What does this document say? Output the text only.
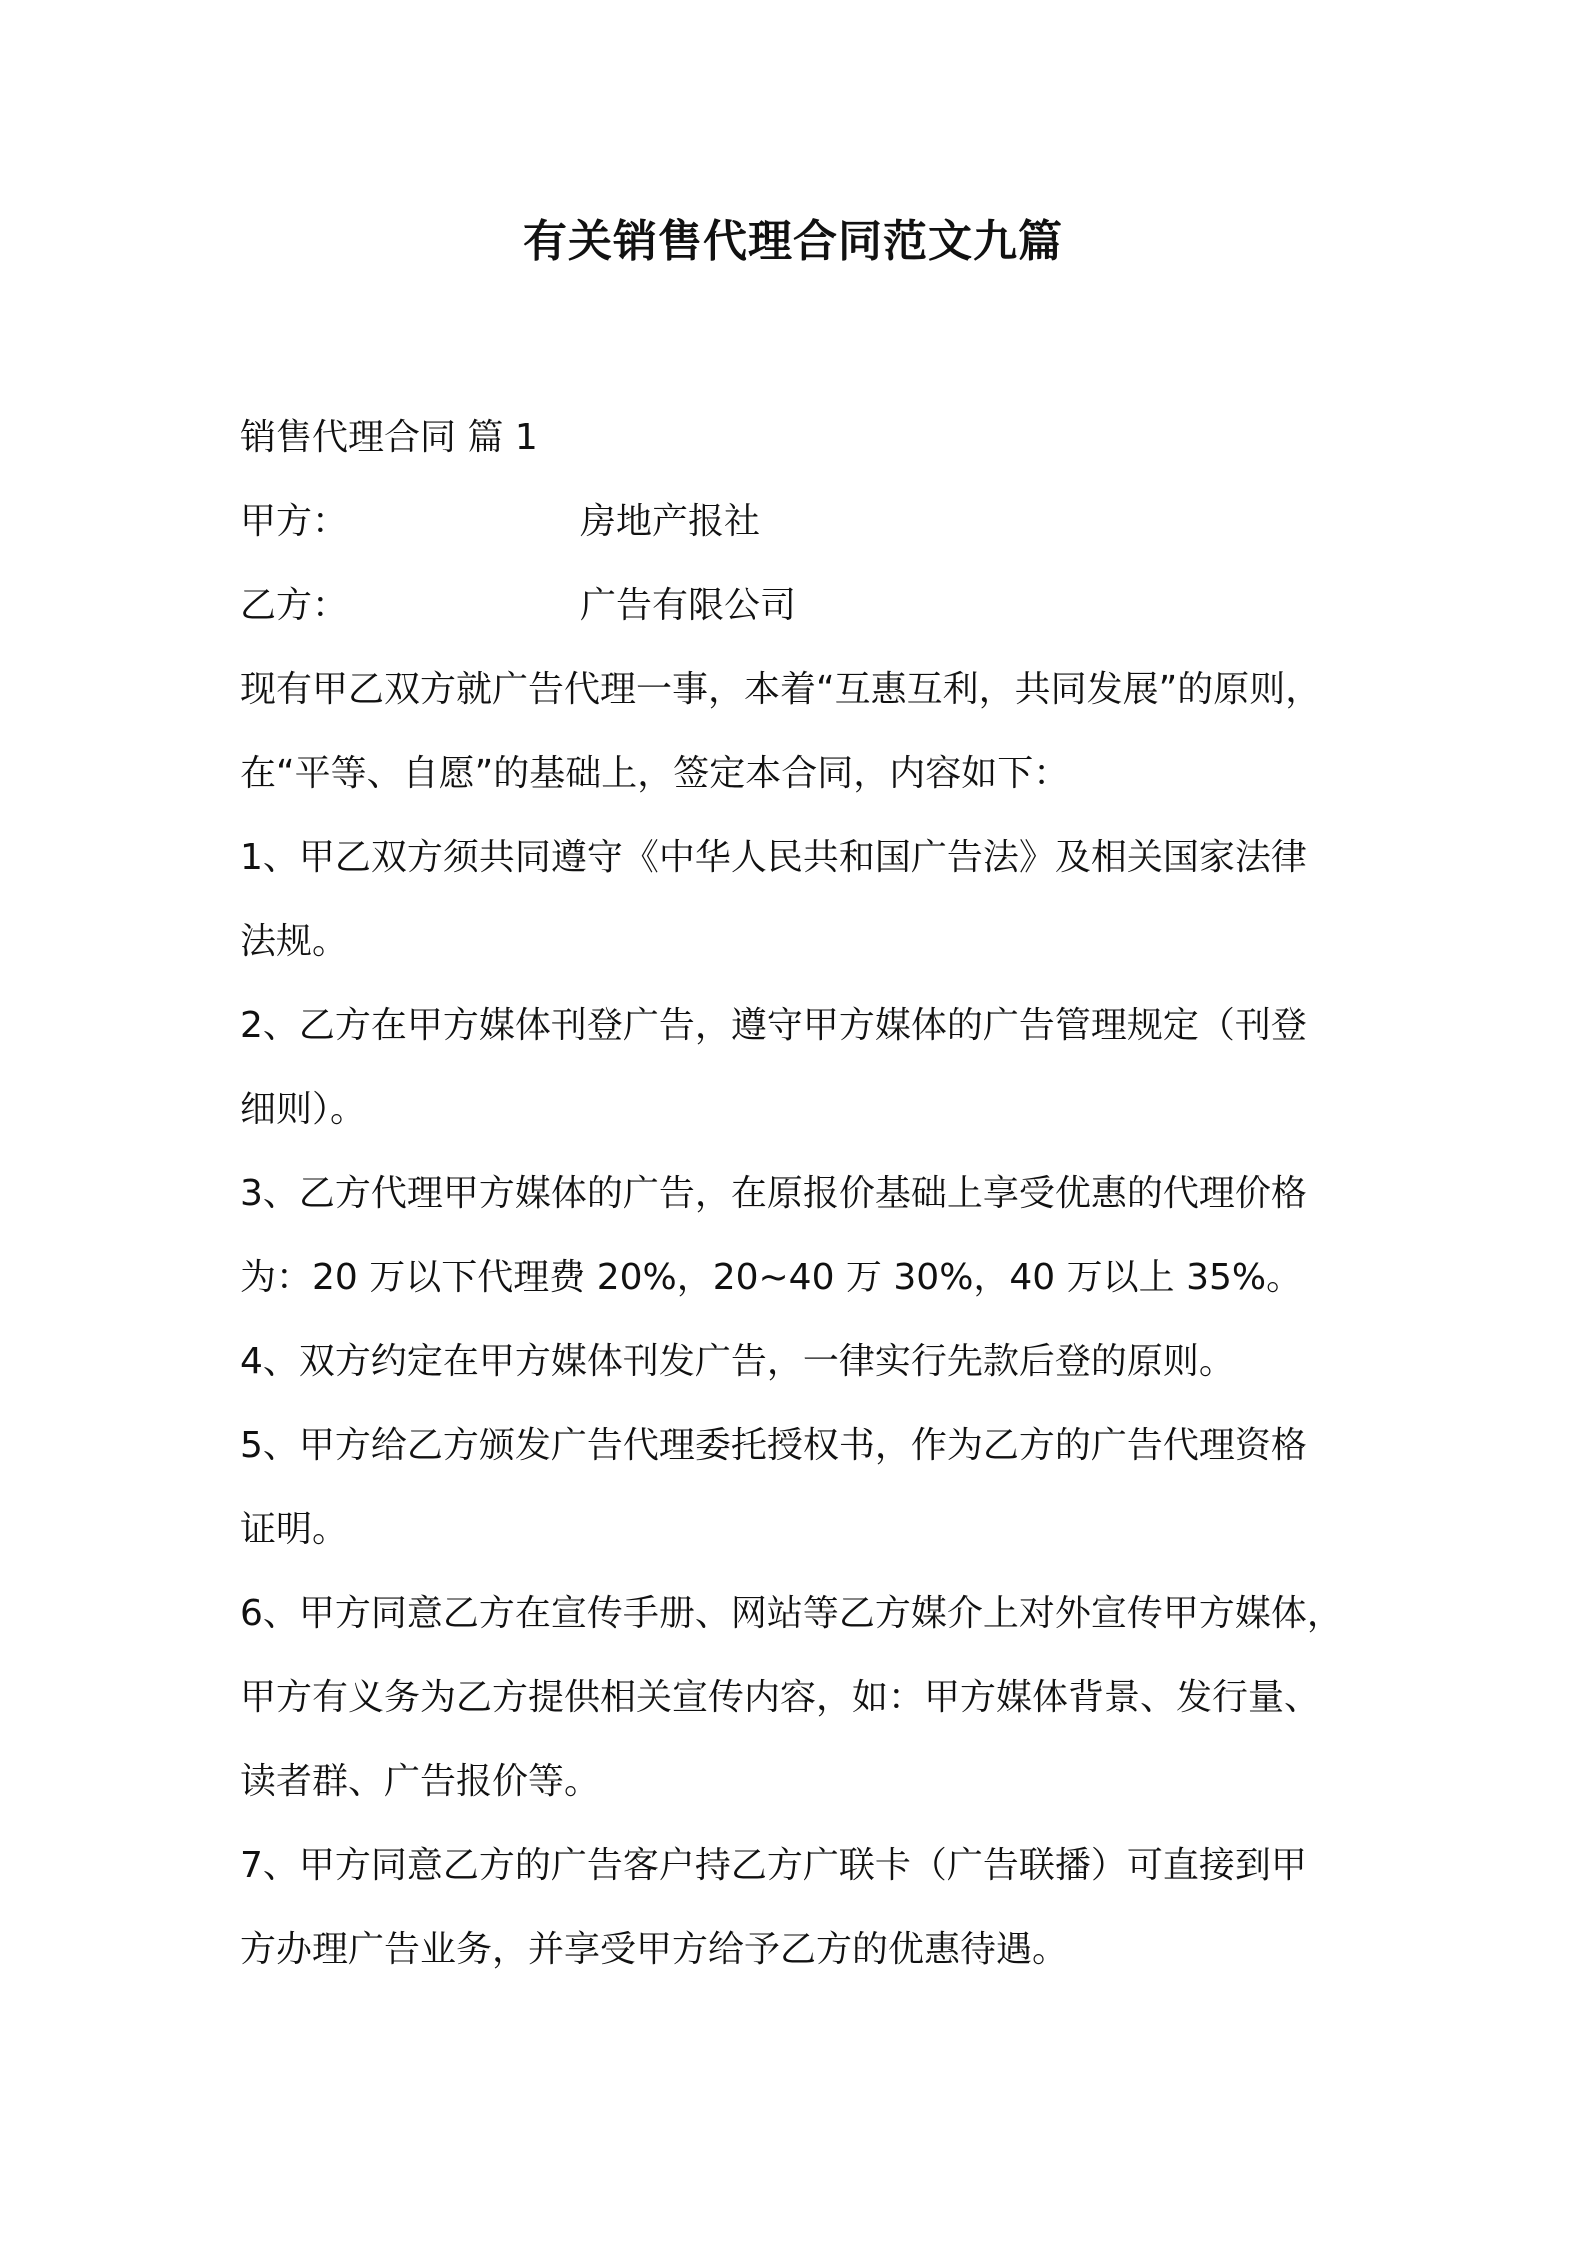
有关销售代理合同范文九篇
销售代理合同 篇 1
甲方：	房地产报社
乙方：	广告有限公司
现有甲乙双方就广告代理一事，本着“互惠互利，共同发展”的原则，
在“平等、自愿”的基础上，签定本合同，内容如下：
1、甲乙双方须共同遵守《中华人民共和国广告法》及相关国家法律
法规。
2、乙方在甲方媒体刊登广告，遵守甲方媒体的广告管理规定（刊登
细则）。
3、乙方代理甲方媒体的广告，在原报价基础上享受优惠的代理价格
为：20 万以下代理费 20%，20~40 万 30%，40 万以上 35%。
4、双方约定在甲方媒体刊发广告，一律实行先款后登的原则。
5、甲方给乙方颁发广告代理委托授权书，作为乙方的广告代理资格
证明。
6、甲方同意乙方在宣传手册、网站等乙方媒介上对外宣传甲方媒体，
甲方有义务为乙方提供相关宣传内容，如：甲方媒体背景、发行量、
读者群、广告报价等。
7、甲方同意乙方的广告客户持乙方广联卡（广告联播）可直接到甲
方办理广告业务，并享受甲方给予乙方的优惠待遇。
